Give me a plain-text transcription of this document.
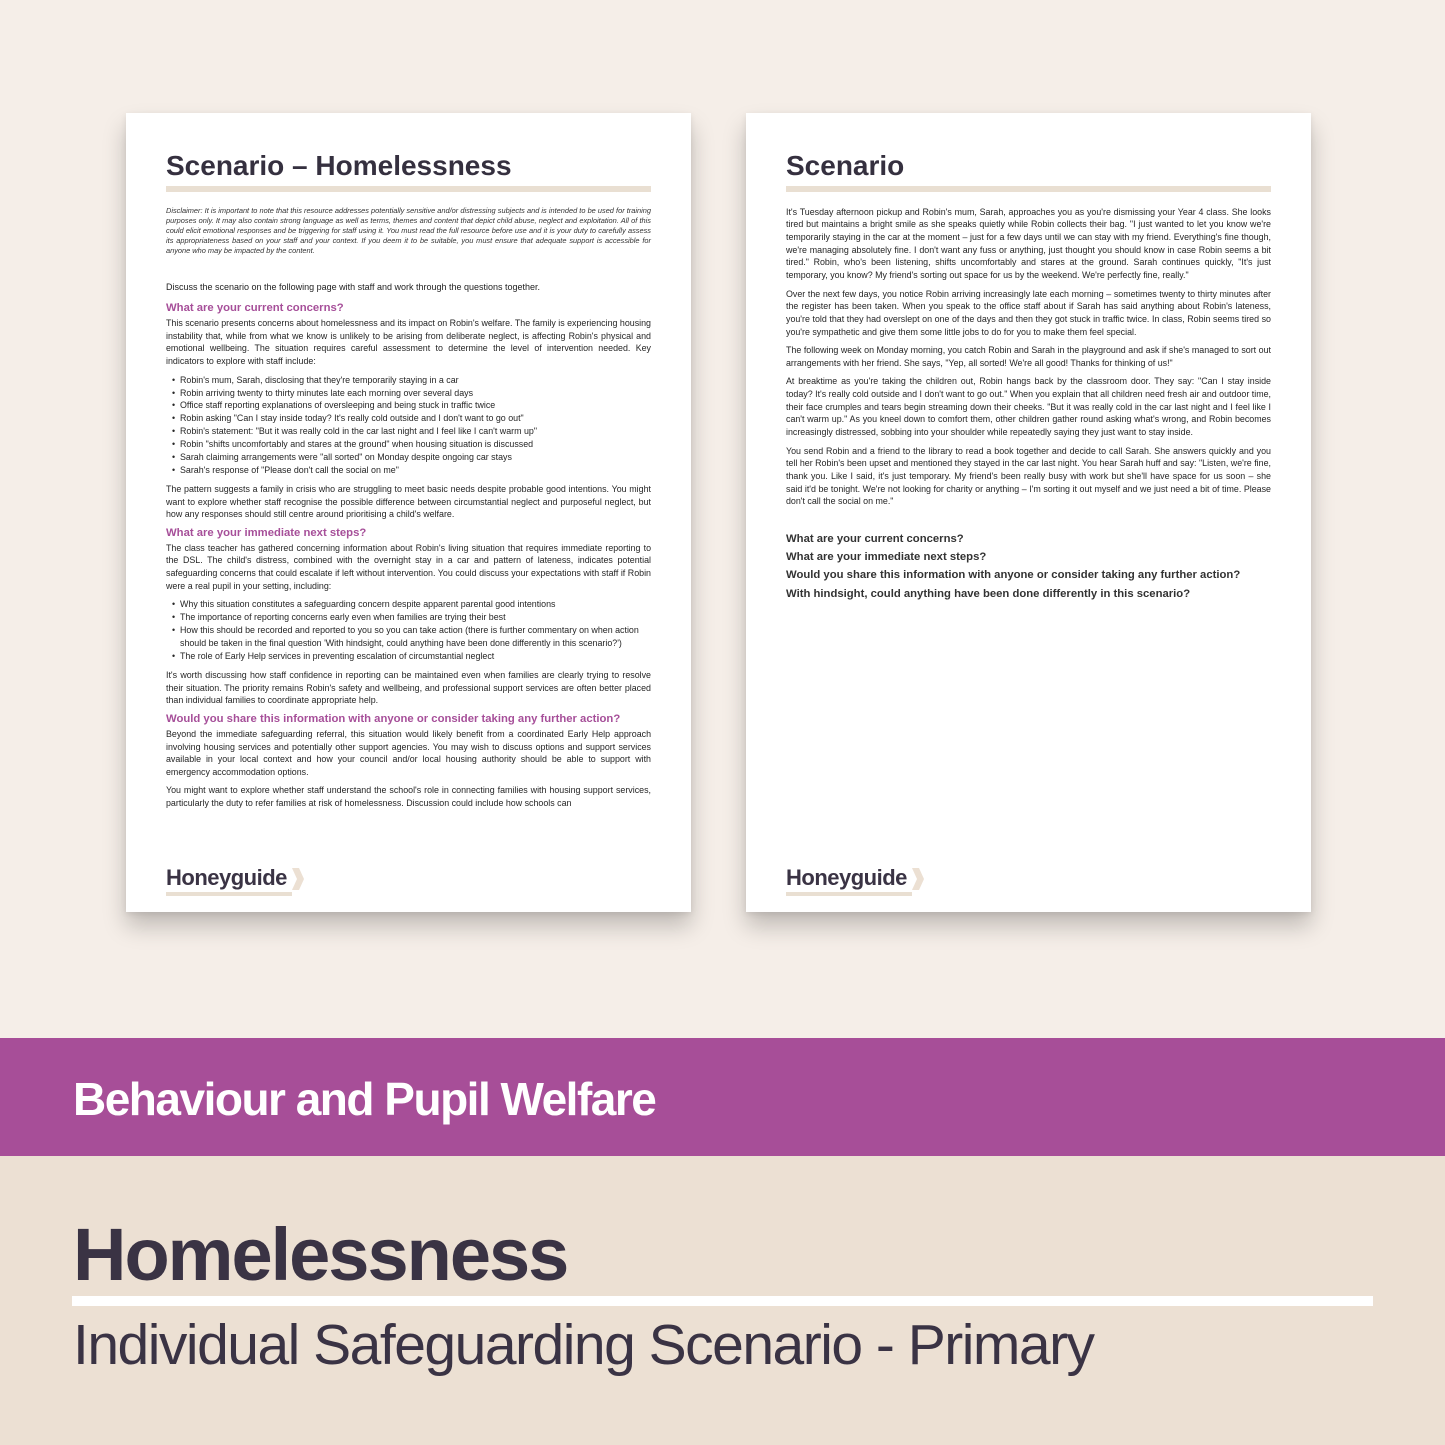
Scenario – Homelessness
Disclaimer: It is important to note that this resource addresses potentially sensitive and/or distressing subjects and is intended to be used for training purposes only. It may also contain strong language as well as terms, themes and content that depict child abuse, neglect and exploitation. All of this could elicit emotional responses and be triggering for staff using it. You must read the full resource before use and it is your duty to carefully assess its appropriateness based on your staff and your context. If you deem it to be suitable, you must ensure that adequate support is accessible for anyone who may be impacted by the content.
Discuss the scenario on the following page with staff and work through the questions together.
What are your current concerns?
This scenario presents concerns about homelessness and its impact on Robin's welfare. The family is experiencing housing instability that, while from what we know is unlikely to be arising from deliberate neglect, is affecting Robin's physical and emotional wellbeing. The situation requires careful assessment to determine the level of intervention needed. Key indicators to explore with staff include:
• Robin's mum, Sarah, disclosing that they're temporarily staying in a car
• Robin arriving twenty to thirty minutes late each morning over several days
• Office staff reporting explanations of oversleeping and being stuck in traffic twice
• Robin asking "Can I stay inside today? It's really cold outside and I don't want to go out"
• Robin's statement: "But it was really cold in the car last night and I feel like I can't warm up"
• Robin "shifts uncomfortably and stares at the ground" when housing situation is discussed
• Sarah claiming arrangements were "all sorted" on Monday despite ongoing car stays
• Sarah's response of "Please don't call the social on me"
The pattern suggests a family in crisis who are struggling to meet basic needs despite probable good intentions. You might want to explore whether staff recognise the possible difference between circumstantial neglect and purposeful neglect, but how any responses should still centre around prioritising a child's welfare.
What are your immediate next steps?
The class teacher has gathered concerning information about Robin's living situation that requires immediate reporting to the DSL. The child's distress, combined with the overnight stay in a car and pattern of lateness, indicates potential safeguarding concerns that could escalate if left without intervention. You could discuss your expectations with staff if Robin were a real pupil in your setting, including:
• Why this situation constitutes a safeguarding concern despite apparent parental good intentions
• The importance of reporting concerns early even when families are trying their best
• How this should be recorded and reported to you so you can take action (there is further commentary on when action should be taken in the final question 'With hindsight, could anything have been done differently in this scenario?')
• The role of Early Help services in preventing escalation of circumstantial neglect
It's worth discussing how staff confidence in reporting can be maintained even when families are clearly trying to resolve their situation. The priority remains Robin's safety and wellbeing, and professional support services are often better placed than individual families to coordinate appropriate help.
Would you share this information with anyone or consider taking any further action?
Beyond the immediate safeguarding referral, this situation would likely benefit from a coordinated Early Help approach involving housing services and potentially other support agencies. You may wish to discuss options and support services available in your local context and how your council and/or local housing authority should be able to support with emergency accommodation options.
You might want to explore whether staff understand the school's role in connecting families with housing support services, particularly the duty to refer families at risk of homelessness. Discussion could include how schools can
Honeyguide
Scenario
It's Tuesday afternoon pickup and Robin's mum, Sarah, approaches you as you're dismissing your Year 4 class. She looks tired but maintains a bright smile as she speaks quietly while Robin collects their bag. "I just wanted to let you know we're temporarily staying in the car at the moment – just for a few days until we can stay with my friend. Everything's fine though, we're managing absolutely fine. I don't want any fuss or anything, just thought you should know in case Robin seems a bit tired." Robin, who's been listening, shifts uncomfortably and stares at the ground. Sarah continues quickly, "It's just temporary, you know? My friend's sorting out space for us by the weekend. We're perfectly fine, really."
Over the next few days, you notice Robin arriving increasingly late each morning – sometimes twenty to thirty minutes after the register has been taken. When you speak to the office staff about if Sarah has said anything about Robin's lateness, you're told that they had overslept on one of the days and then they got stuck in traffic twice. In class, Robin seems tired so you're sympathetic and give them some little jobs to do for you to make them feel special.
The following week on Monday morning, you catch Robin and Sarah in the playground and ask if she's managed to sort out arrangements with her friend. She says, "Yep, all sorted! We're all good! Thanks for thinking of us!"
At breaktime as you're taking the children out, Robin hangs back by the classroom door. They say: "Can I stay inside today? It's really cold outside and I don't want to go out." When you explain that all children need fresh air and outdoor time, their face crumples and tears begin streaming down their cheeks. "But it was really cold in the car last night and I feel like I can't warm up." As you kneel down to comfort them, other children gather round asking what's wrong, and Robin becomes increasingly distressed, sobbing into your shoulder while repeatedly saying they just want to stay inside.
You send Robin and a friend to the library to read a book together and decide to call Sarah. She answers quickly and you tell her Robin's been upset and mentioned they stayed in the car last night. You hear Sarah huff and say: "Listen, we're fine, thank you. Like I said, it's just temporary. My friend's been really busy with work but she'll have space for us soon – she said it'd be tonight. We're not looking for charity or anything – I'm sorting it out myself and we just need a bit of time. Please don't call the social on me."
What are your current concerns?
What are your immediate next steps?
Would you share this information with anyone or consider taking any further action?
With hindsight, could anything have been done differently in this scenario?
Honeyguide
Behaviour and Pupil Welfare
Homelessness
Individual Safeguarding Scenario - Primary
